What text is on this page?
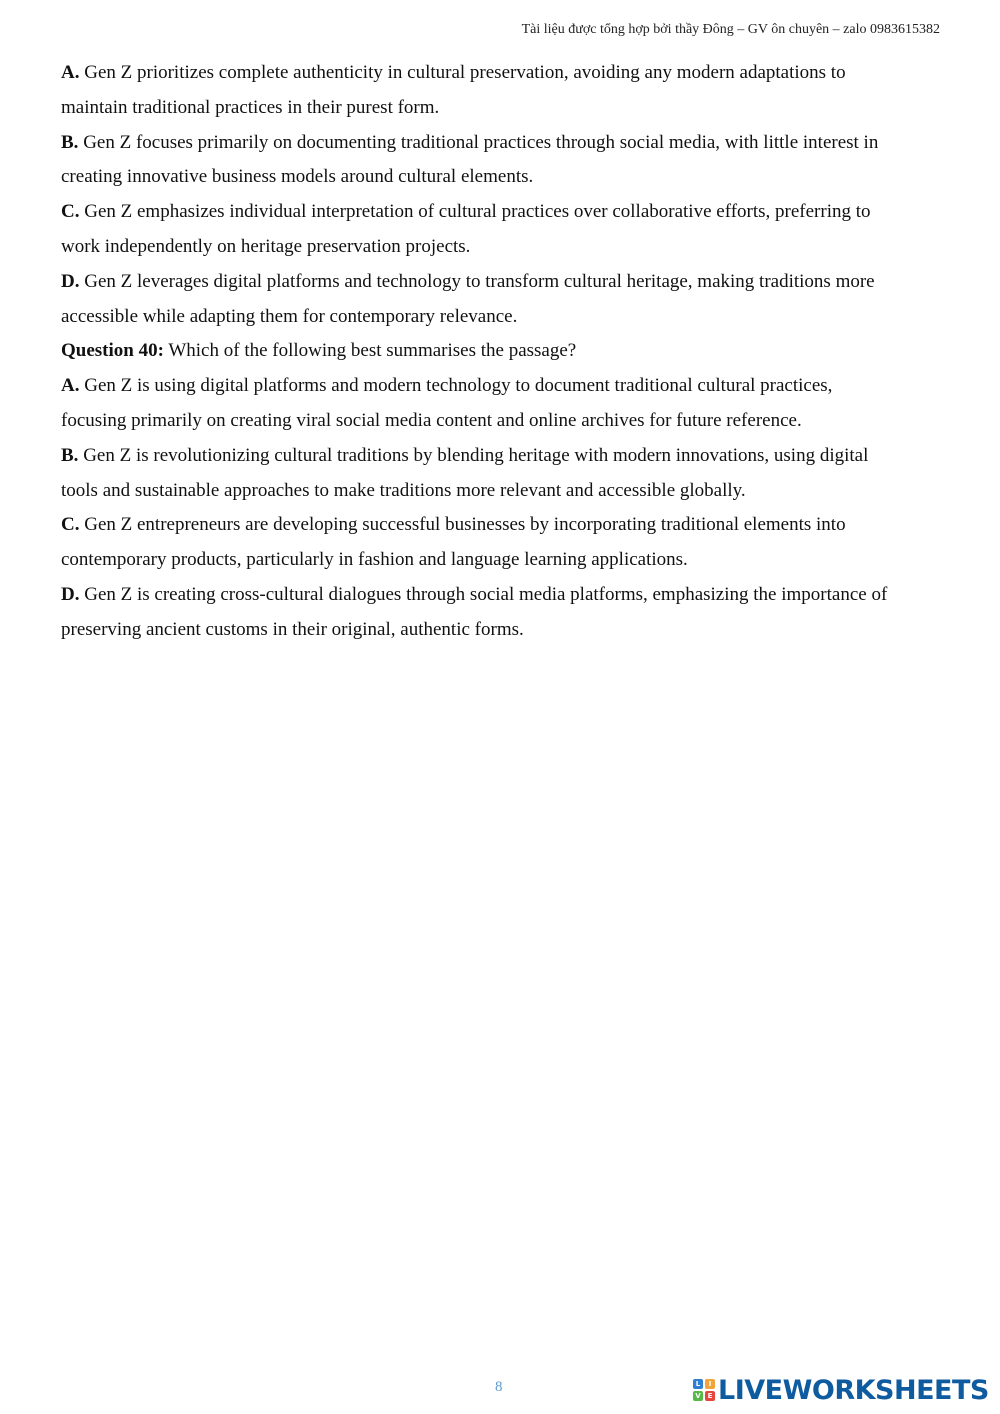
Tài liệu được tổng hợp bởi thầy Đông – GV ôn chuyên – zalo 0983615382

A. Gen Z prioritizes complete authenticity in cultural preservation, avoiding any modern adaptations to

maintain traditional practices in their purest form.

B. Gen Z focuses primarily on documenting traditional practices through social media, with little interest in

creating innovative business models around cultural elements.

C. Gen Z emphasizes individual interpretation of cultural practices over collaborative efforts, preferring to

work independently on heritage preservation projects.

D. Gen Z leverages digital platforms and technology to transform cultural heritage, making traditions more

accessible while adapting them for contemporary relevance.

Question 40: Which of the following best summarises the passage?

A. Gen Z is using digital platforms and modern technology to document traditional cultural practices,

focusing primarily on creating viral social media content and online archives for future reference.

B. Gen Z is revolutionizing cultural traditions by blending heritage with modern innovations, using digital

tools and sustainable approaches to make traditions more relevant and accessible globally.

C. Gen Z entrepreneurs are developing successful businesses by incorporating traditional elements into

contemporary products, particularly in fashion and language learning applications.

D. Gen Z is creating cross-cultural dialogues through social media platforms, emphasizing the importance of

preserving ancient customs in their original, authentic forms.

8	L	I
V E LIVEWORKSHEETS
